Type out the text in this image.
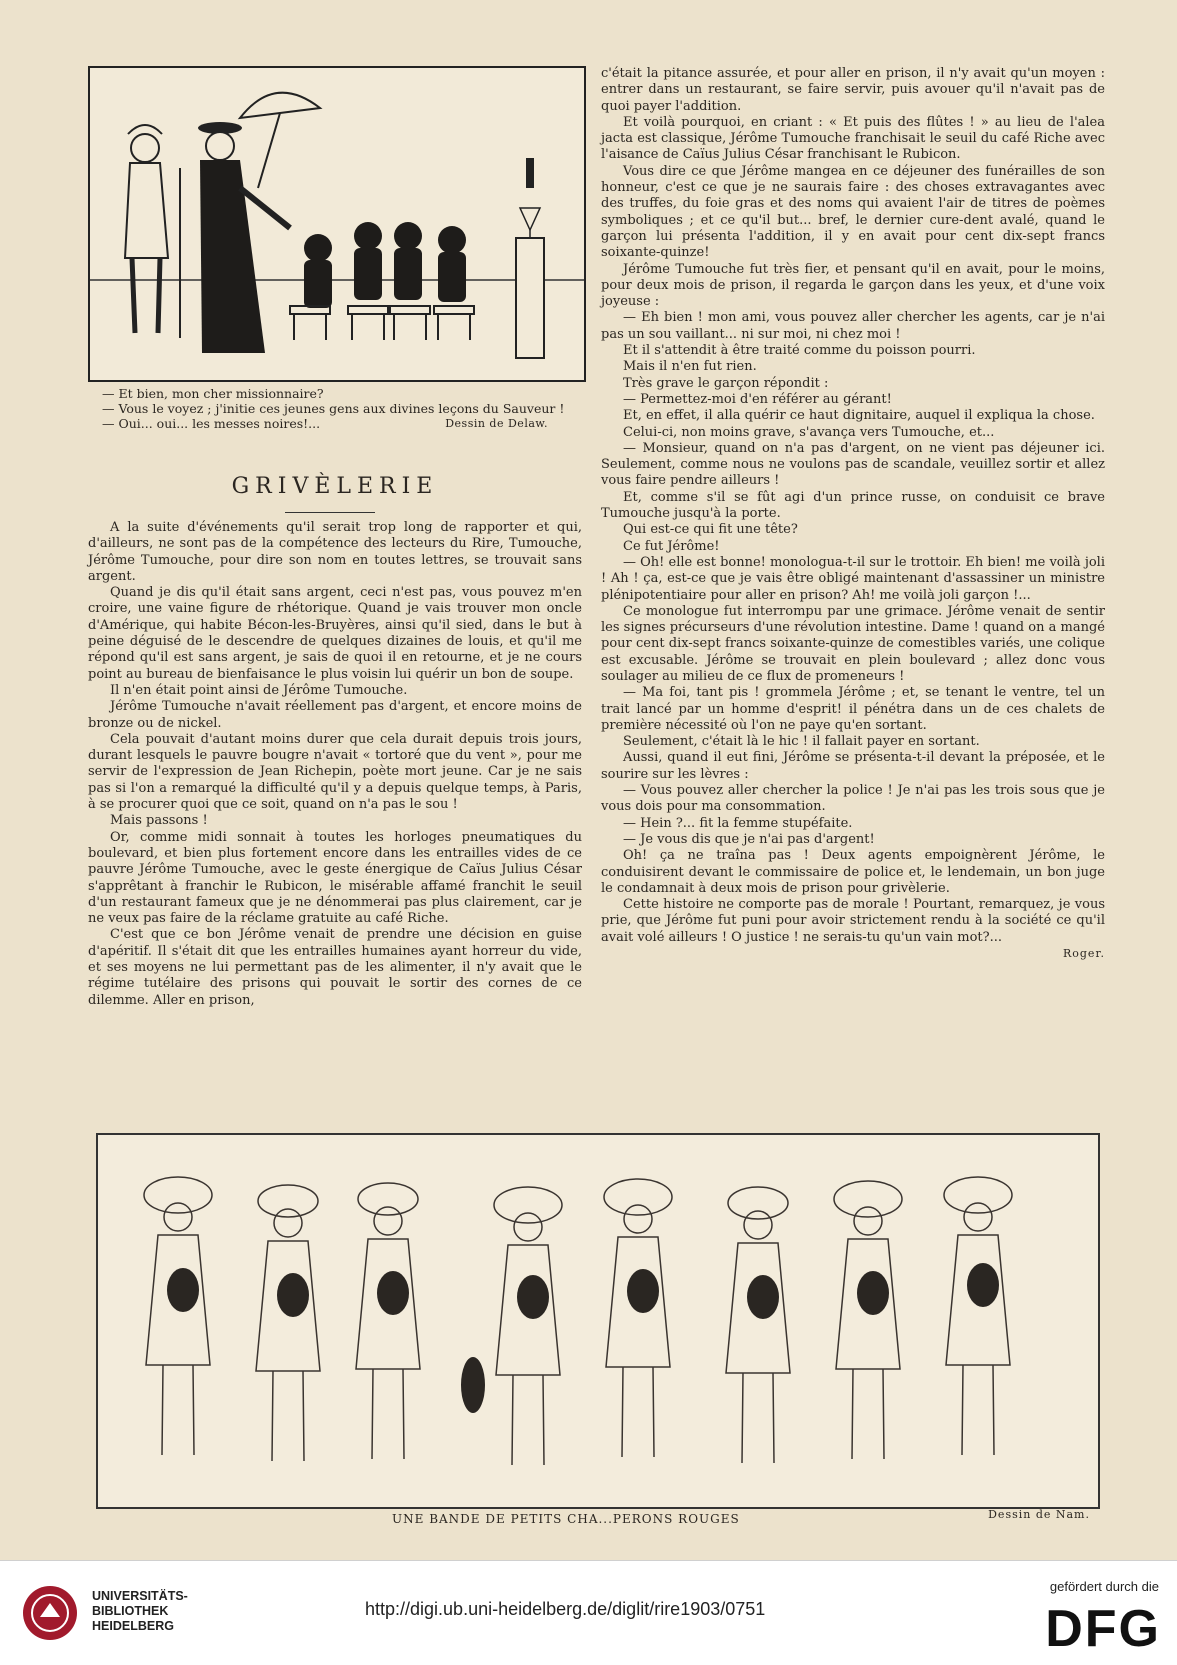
— Et bien, mon cher missionnaire?

— Vous le voyez ; j'initie ces jeunes gens aux divines leçons du Sauveur !

— Oui... oui... les messes noires!...	Dessin de Delaw.

GRIVÈLERIE

A la suite d'événements qu'il serait trop long de rapporter et qui, d'ailleurs, ne sont pas de la compétence des lecteurs du Rire, Tumouche, Jérôme Tumouche, pour dire son nom en toutes lettres, se trouvait sans argent.

Quand je dis qu'il était sans argent, ceci n'est pas, vous pouvez m'en croire, une vaine figure de rhétorique. Quand je vais trouver mon oncle d'Amérique, qui habite Bécon-les-Bruyères, ainsi qu'il sied, dans le but à peine déguisé de le descendre de quelques dizaines de louis, et qu'il me répond qu'il est sans argent, je sais de quoi il en retourne, et je ne cours point au bureau de bienfaisance le plus voisin lui quérir un bon de soupe.

Il n'en était point ainsi de Jérôme Tumouche.

Jérôme Tumouche n'avait réellement pas d'argent, et encore moins de bronze ou de nickel.

Cela pouvait d'autant moins durer que cela durait depuis trois jours, durant lesquels le pauvre bougre n'avait « tortoré que du vent », pour me servir de l'expression de Jean Richepin, poète mort jeune. Car je ne sais pas si l'on a remarqué la difficulté qu'il y a depuis quelque temps, à Paris, à se procurer quoi que ce soit, quand on n'a pas le sou !

Mais passons !

Or, comme midi sonnait à toutes les horloges pneumatiques du boulevard, et bien plus fortement encore dans les entrailles vides de ce pauvre Jérôme Tumouche, avec le geste énergique de Caïus Julius César s'apprêtant à franchir le Rubicon, le misérable affamé franchit le seuil d'un restaurant fameux que je ne dénommerai pas plus clairement, car je ne veux pas faire de la réclame gratuite au café Riche.

C'est que ce bon Jérôme venait de prendre une décision en guise d'apéritif. Il s'était dit que les entrailles humaines ayant horreur du vide, et ses moyens ne lui permettant pas de les alimenter, il n'y avait que le régime tutélaire des prisons qui pouvait le sortir des cornes de ce dilemme. Aller en prison,

c'était la pitance assurée, et pour aller en prison, il n'y avait qu'un moyen : entrer dans un restaurant, se faire servir, puis avouer qu'il n'avait pas de quoi payer l'addition.

Et voilà pourquoi, en criant : « Et puis des flûtes ! » au lieu de l'alea jacta est classique, Jérôme Tumouche franchisait le seuil du café Riche avec l'aisance de Caïus Julius César franchisant le Rubicon.

Vous dire ce que Jérôme mangea en ce déjeuner des funérailles de son honneur, c'est ce que je ne saurais faire : des choses extravagantes avec des truffes, du foie gras et des noms qui avaient l'air de titres de poèmes symboliques ; et ce qu'il but... bref, le dernier cure-dent avalé, quand le garçon lui présenta l'addition, il y en avait pour cent dix-sept francs soixante-quinze!

Jérôme Tumouche fut très fier, et pensant qu'il en avait, pour le moins, pour deux mois de prison, il regarda le garçon dans les yeux, et d'une voix joyeuse :

— Eh bien ! mon ami, vous pouvez aller chercher les agents, car je n'ai pas un sou vaillant... ni sur moi, ni chez moi !

Et il s'attendit à être traité comme du poisson pourri.

Mais il n'en fut rien.

Très grave le garçon répondit :

— Permettez-moi d'en référer au gérant!

Et, en effet, il alla quérir ce haut dignitaire, auquel il expliqua la chose.

Celui-ci, non moins grave, s'avança vers Tumouche, et...

— Monsieur, quand on n'a pas d'argent, on ne vient pas déjeuner ici. Seulement, comme nous ne voulons pas de scandale, veuillez sortir et allez vous faire pendre ailleurs !

Et, comme s'il se fût agi d'un prince russe, on conduisit ce brave Tumouche jusqu'à la porte.

Qui est-ce qui fit une tête?

Ce fut Jérôme!

— Oh! elle est bonne! monologua-t-il sur le trottoir. Eh bien! me voilà joli ! Ah ! ça, est-ce que je vais être obligé maintenant d'assassiner un ministre plénipotentiaire pour aller en prison? Ah! me voilà joli garçon !...

Ce monologue fut interrompu par une grimace. Jérôme venait de sentir les signes précurseurs d'une révolution intestine. Dame ! quand on a mangé pour cent dix-sept francs soixante-quinze de comestibles variés, une colique est excusable. Jérôme se trouvait en plein boulevard ; allez donc vous soulager au milieu de ce flux de promeneurs !

— Ma foi, tant pis ! grommela Jérôme ; et, se tenant le ventre, tel un trait lancé par un homme d'esprit! il pénétra dans un de ces chalets de première nécessité où l'on ne paye qu'en sortant.

Seulement, c'était là le hic ! il fallait payer en sortant.

Aussi, quand il eut fini, Jérôme se présenta-t-il devant la préposée, et le sourire sur les lèvres :

— Vous pouvez aller chercher la police ! Je n'ai pas les trois sous que je vous dois pour ma consommation.

— Hein ?... fit la femme stupéfaite.

— Je vous dis que je n'ai pas d'argent!

Oh! ça ne traîna pas ! Deux agents empoignèrent Jérôme, le conduisirent devant le commissaire de police et, le lendemain, un bon juge le condamnait à deux mois de prison pour grivèlerie.

Cette histoire ne comporte pas de morale ! Pourtant, remarquez, je vous prie, que Jérôme fut puni pour avoir strictement rendu à la société ce qu'il avait volé ailleurs ! O justice ! ne serais-tu qu'un vain mot?...

Roger.
UNE BANDE DE PETITS CHA...PERONS ROUGES	Dessin de Nam.
UNIVERSITÄTS-
BIBLIOTHEK
HEIDELBERG
http://digi.ub.uni-heidelberg.de/diglit/rire1903/0751
gefördert durch die
DFG
